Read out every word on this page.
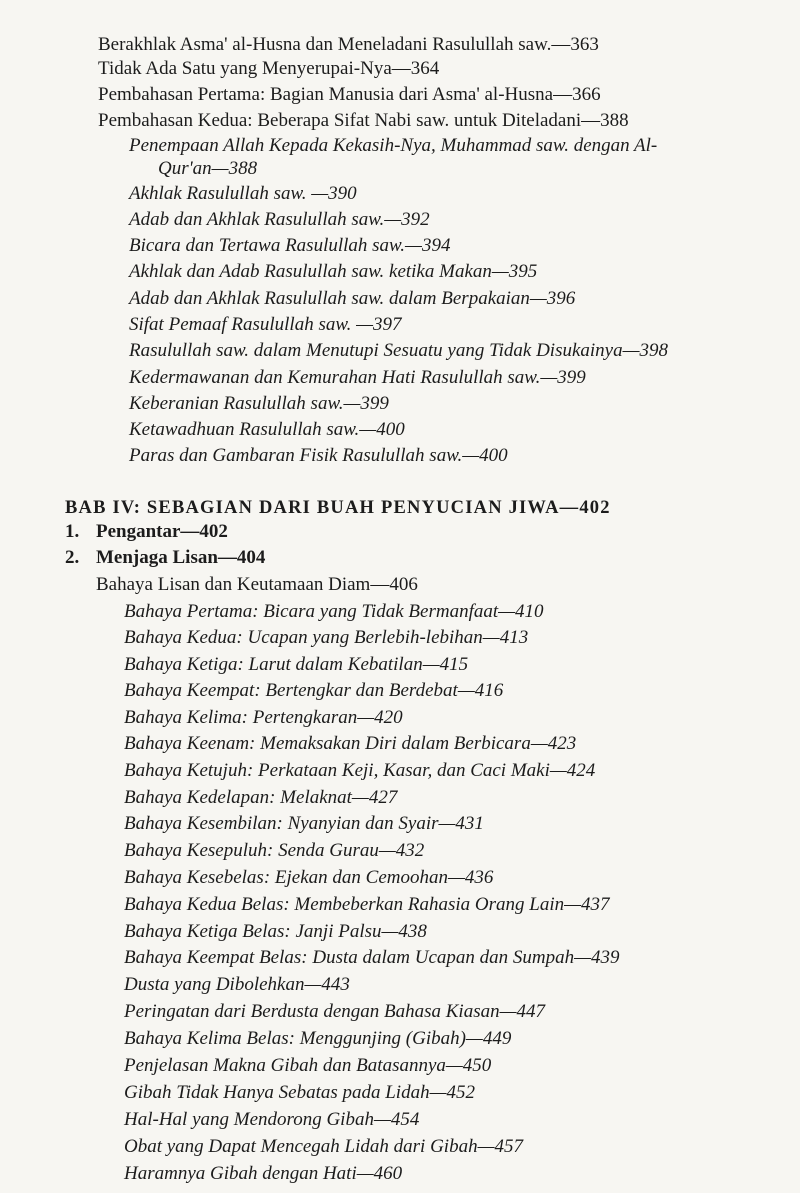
Berakhlak Asma' al-Husna dan Meneladani Rasulullah saw.—363
Tidak Ada Satu yang Menyerupai-Nya—364
Pembahasan Pertama: Bagian Manusia dari Asma' al-Husna—366
Pembahasan Kedua: Beberapa Sifat Nabi saw. untuk Diteladani—388
Penempaan Allah Kepada Kekasih-Nya, Muhammad saw. dengan Al-
Qur'an—388
Akhlak Rasulullah saw. —390
Adab dan Akhlak Rasulullah saw.—392
Bicara dan Tertawa Rasulullah saw.—394
Akhlak dan Adab Rasulullah saw. ketika Makan—395
Adab dan Akhlak Rasulullah saw. dalam Berpakaian—396
Sifat Pemaaf Rasulullah saw. —397
Rasulullah saw. dalam Menutupi Sesuatu yang Tidak Disukainya—398
Kedermawanan dan Kemurahan Hati Rasulullah saw.—399
Keberanian Rasulullah saw.—399
Ketawadhuan Rasulullah saw.—400
Paras dan Gambaran Fisik Rasulullah saw.—400
BAB IV: SEBAGIAN DARI BUAH PENYUCIAN JIWA—402
1. Pengantar—402
2. Menjaga Lisan—404
Bahaya Lisan dan Keutamaan Diam—406
Bahaya Pertama: Bicara yang Tidak Bermanfaat—410
Bahaya Kedua: Ucapan yang Berlebih-lebihan—413
Bahaya Ketiga: Larut dalam Kebatilan—415
Bahaya Keempat: Bertengkar dan Berdebat—416
Bahaya Kelima: Pertengkaran—420
Bahaya Keenam: Memaksakan Diri dalam Berbicara—423
Bahaya Ketujuh: Perkataan Keji, Kasar, dan Caci Maki—424
Bahaya Kedelapan: Melaknat—427
Bahaya Kesembilan: Nyanyian dan Syair—431
Bahaya Kesepuluh: Senda Gurau—432
Bahaya Kesebelas: Ejekan dan Cemoohan—436
Bahaya Kedua Belas: Membeberkan Rahasia Orang Lain—437
Bahaya Ketiga Belas: Janji Palsu—438
Bahaya Keempat Belas: Dusta dalam Ucapan dan Sumpah—439
Dusta yang Dibolehkan—443
Peringatan dari Berdusta dengan Bahasa Kiasan—447
Bahaya Kelima Belas: Menggunjing (Gibah)—449
Penjelasan Makna Gibah dan Batasannya—450
Gibah Tidak Hanya Sebatas pada Lidah—452
Hal-Hal yang Mendorong Gibah—454
Obat yang Dapat Mencegah Lidah dari Gibah—457
Haramnya Gibah dengan Hati—460
